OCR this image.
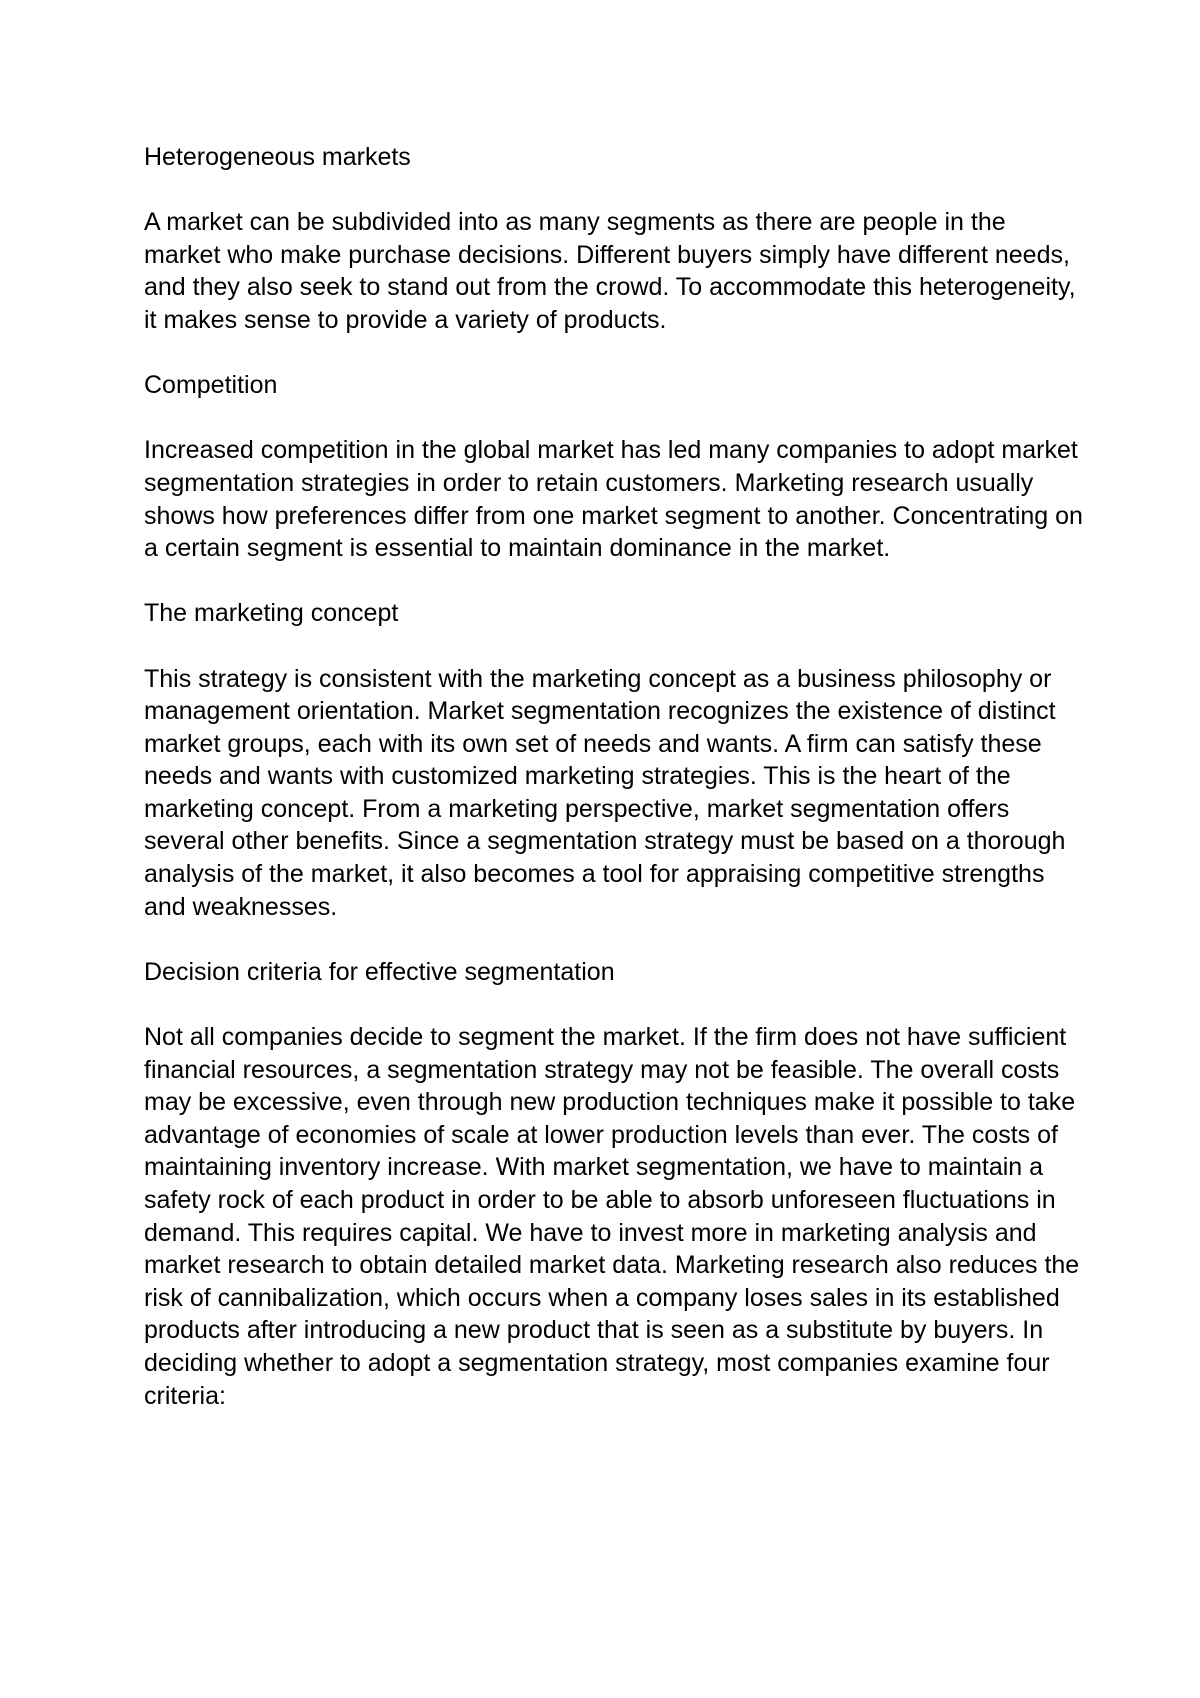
Heterogeneous markets

A market can be subdivided into as many segments as there are people in the market who make purchase decisions. Different buyers simply have different needs, and they also seek to stand out from the crowd. To accommodate this heterogeneity, it makes sense to provide a variety of products.

Competition

Increased competition in the global market has led many companies to adopt market segmentation strategies in order to retain customers. Marketing research usually shows how preferences differ from one market segment to another. Concentrating on a certain segment is essential to maintain dominance in the market.

The marketing concept

This strategy is consistent with the marketing concept as a business philosophy or management orientation. Market segmentation recognizes the existence of distinct market groups, each with its own set of needs and wants. A firm can satisfy these needs and wants with customized marketing strategies. This is the heart of the marketing concept. From a marketing perspective, market segmentation offers several other benefits. Since a segmentation strategy must be based on a thorough analysis of the market, it also becomes a tool for appraising competitive strengths and weaknesses.

Decision criteria for effective segmentation

Not all companies decide to segment the market. If the firm does not have sufficient financial resources, a segmentation strategy may not be feasible. The overall costs may be excessive, even through new production techniques make it possible to take advantage of economies of scale at lower production levels than ever. The costs of maintaining inventory increase. With market segmentation, we have to maintain a safety rock of each product in order to be able to absorb unforeseen fluctuations in demand. This requires capital. We have to invest more in marketing analysis and market research to obtain detailed market data. Marketing research also reduces the risk of cannibalization, which occurs when a company loses sales in its established products after introducing a new product that is seen as a substitute by buyers. In deciding whether to adopt a segmentation strategy, most companies examine four criteria:
